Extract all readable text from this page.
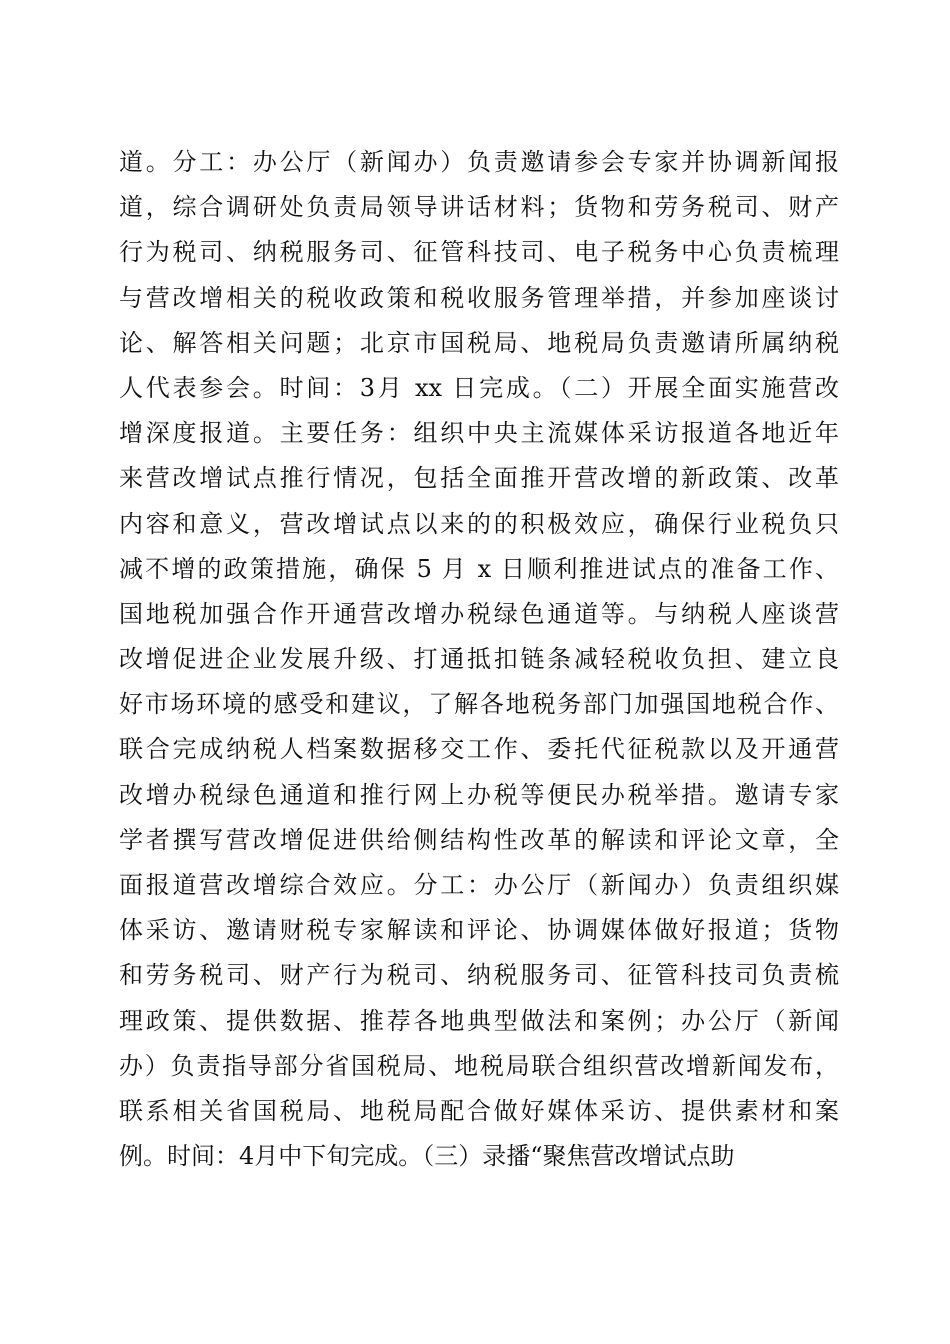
道。分工：办公厅（新闻办）负责邀请参会专家并协调新闻报
道，综合调研处负责局领导讲话材料；货物和劳务税司、财产
行为税司、纳税服务司、征管科技司、电子税务中心负责梳理
与营改增相关的税收政策和税收服务管理举措，并参加座谈讨
论、解答相关问题；北京市国税局、地税局负责邀请所属纳税
人代表参会。时间：3月 xx 日完成。（二）开展全面实施营改
增深度报道。主要任务：组织中央主流媒体采访报道各地近年
来营改增试点推行情况，包括全面推开营改增的新政策、改革
内容和意义，营改增试点以来的的积极效应，确保行业税负只
减不增的政策措施，确保 5 月 x 日顺利推进试点的准备工作、
国地税加强合作开通营改增办税绿色通道等。与纳税人座谈营
改增促进企业发展升级、打通抵扣链条减轻税收负担、建立良
好市场环境的感受和建议，了解各地税务部门加强国地税合作、
联合完成纳税人档案数据移交工作、委托代征税款以及开通营
改增办税绿色通道和推行网上办税等便民办税举措。邀请专家
学者撰写营改增促进供给侧结构性改革的解读和评论文章，全
面报道营改增综合效应。分工：办公厅（新闻办）负责组织媒
体采访、邀请财税专家解读和评论、协调媒体做好报道；货物
和劳务税司、财产行为税司、纳税服务司、征管科技司负责梳
理政策、提供数据、推荐各地典型做法和案例；办公厅（新闻
办）负责指导部分省国税局、地税局联合组织营改增新闻发布，
联系相关省国税局、地税局配合做好媒体采访、提供素材和案
例。时间：4月中下旬完成。（三）录播“聚焦营改增试点助
